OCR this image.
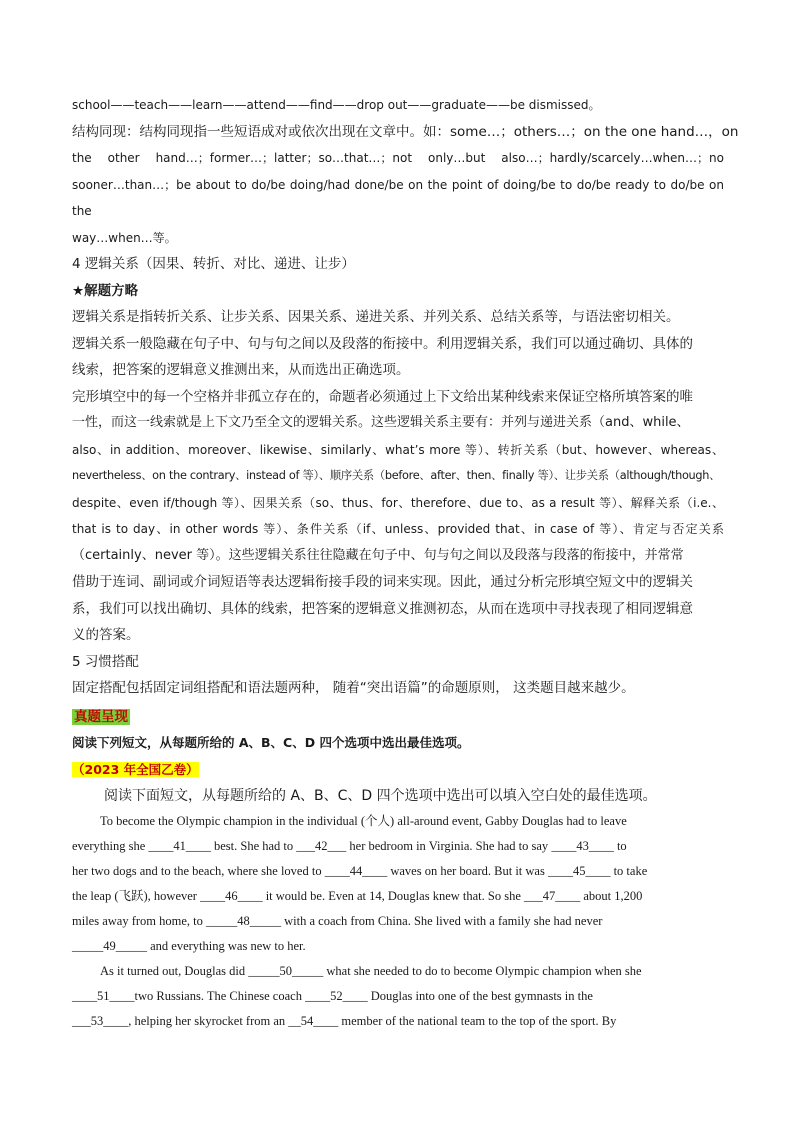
school——teach——learn——attend——find——drop out——graduate——be dismissed。
结构同现：结构同现指一些短语成对或依次出现在文章中。如：some…；others…；on the one hand…，on
the other hand…；former…；latter；so…that…；not only…but also…；hardly/scarcely…when…；no
sooner…than…；be about to do/be doing/had done/be on the point of doing/be to do/be ready to do/be on the
way…when…等。
4 逻辑关系（因果、转折、对比、递进、让步）
★解题方略
逻辑关系是指转折关系、让步关系、因果关系、递进关系、并列关系、总结关系等，与语法密切相关。
逻辑关系一般隐藏在句子中、句与句之间以及段落的衔接中。利用逻辑关系，我们可以通过确切、具体的
线索，把答案的逻辑意义推测出来，从而选出正确选项。
完形填空中的每一个空格并非孤立存在的，命题者必须通过上下文给出某种线索来保证空格所填答案的唯
一性，而这一线索就是上下文乃至全文的逻辑关系。这些逻辑关系主要有：并列与递进关系（and、while、
also、in addition、moreover、likewise、similarly、what’s more 等）、转折关系（but、however、whereas、
nevertheless、on the contrary、instead of 等）、顺序关系（before、after、then、finally 等）、让步关系（although/though、
despite、even if/though 等）、因果关系（so、thus、for、therefore、due to、as a result 等）、解释关系（i.e.、
that is to day、in other words 等）、条件关系（if、unless、provided that、in case of 等）、肯定与否定关系
（certainly、never 等）。这些逻辑关系往往隐藏在句子中、句与句之间以及段落与段落的衔接中，并常常
借助于连词、副词或介词短语等表达逻辑衔接手段的词来实现。因此，通过分析完形填空短文中的逻辑关
系，我们可以找出确切、具体的线索，把答案的逻辑意义推测初态，从而在选项中寻找表现了相同逻辑意
义的答案。
5 习惯搭配
固定搭配包括固定词组搭配和语法题两种， 随着“突出语篇”的命题原则， 这类题目越来越少。
真题呈现
阅读下列短文，从每题所给的 A、B、C、D 四个选项中选出最佳选项。
（2023 年全国乙卷）
阅读下面短文，从每题所给的 A、B、C、D 四个选项中选出可以填入空白处的最佳选项。
To become the Olympic champion in the individual (个人) all-around event, Gabby Douglas had to leave
everything she ____41____ best. She had to ___42___ her bedroom in Virginia. She had to say ____43____ to
her two dogs and to the beach, where she loved to ____44____ waves on her board. But it was ____45____ to take
the leap (飞跃), however ____46____ it would be. Even at 14, Douglas knew that. So she ___47____ about 1,200
miles away from home, to _____48_____ with a coach from China. She lived with a family she had never
_____49_____ and everything was new to her.
As it turned out, Douglas did _____50_____ what she needed to do to become Olympic champion when she
____51____two Russians. The Chinese coach ____52____ Douglas into one of the best gymnasts in the
___53____, helping her skyrocket from an __54____ member of the national team to the top of the sport. By
